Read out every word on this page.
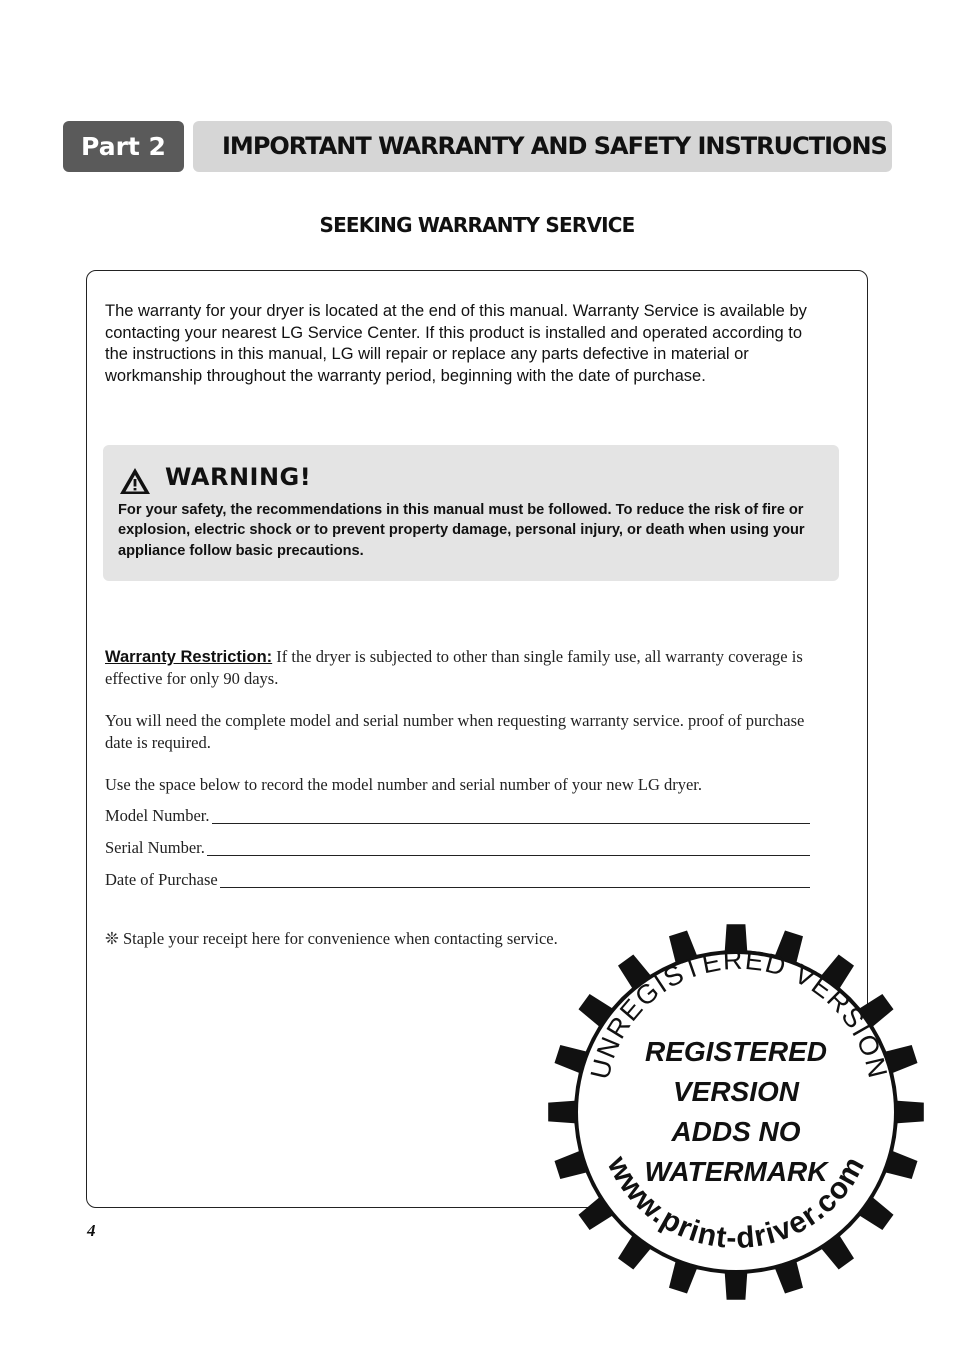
Part 2	IMPORTANT WARRANTY AND SAFETY INSTRUCTIONS
SEEKING WARRANTY SERVICE
The warranty for your dryer is located at the end of this manual. Warranty Service is available by contacting your nearest LG Service Center. If this product is installed and operated according to the instructions in this manual, LG will repair or replace any parts defective in material or workmanship throughout the warranty period, beginning with the date of purchase.
WARNING!
For your safety, the recommendations in this manual must be followed. To reduce the risk of fire or explosion, electric shock or to prevent property damage, personal injury, or death when using your appliance follow basic precautions.
Warranty Restriction: If the dryer is subjected to other than single family use, all warranty coverage is effective for only 90 days.
You will need the complete model and serial number when requesting warranty service. proof of purchase date is required.
Use the space below to record the model number and serial number of your new LG dryer.
Model Number.
Serial Number.
Date of Purchase
❊ Staple your receipt here for convenience when contacting service.
4
UNREGISTERED VERSION
REGISTERED
VERSION
ADDS NO
WATERMARK
www.print-driver.com
